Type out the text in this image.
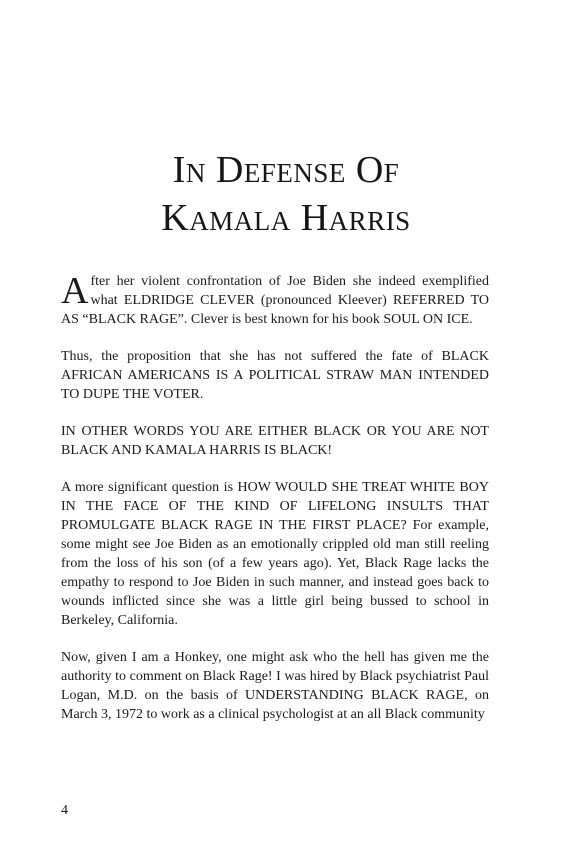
In Defense Of
Kamala Harris

After her violent confrontation of Joe Biden she indeed exemplified what ELDRIDGE CLEVER (pronounced Kleever) REFERRED TO AS “BLACK RAGE”. Clever is best known for his book SOUL ON ICE.

Thus, the proposition that she has not suffered the fate of BLACK AFRICAN AMERICANS IS A POLITICAL STRAW MAN INTENDED TO DUPE THE VOTER.

IN OTHER WORDS YOU ARE EITHER BLACK OR YOU ARE NOT BLACK AND KAMALA HARRIS IS BLACK!

A more significant question is HOW WOULD SHE TREAT WHITE BOY IN THE FACE OF THE KIND OF LIFELONG INSULTS THAT PROMULGATE BLACK RAGE IN THE FIRST PLACE? For example, some might see Joe Biden as an emotionally crippled old man still reeling from the loss of his son (of a few years ago). Yet, Black Rage lacks the empathy to respond to Joe Biden in such manner, and instead goes back to wounds inflicted since she was a little girl being bussed to school in Berkeley, California.

Now, given I am a Honkey, one might ask who the hell has given me the authority to comment on Black Rage! I was hired by Black psychiatrist Paul Logan, M.D. on the basis of UNDERSTANDING BLACK RAGE, on March 3, 1972 to work as a clinical psychologist at an all Black community

4
